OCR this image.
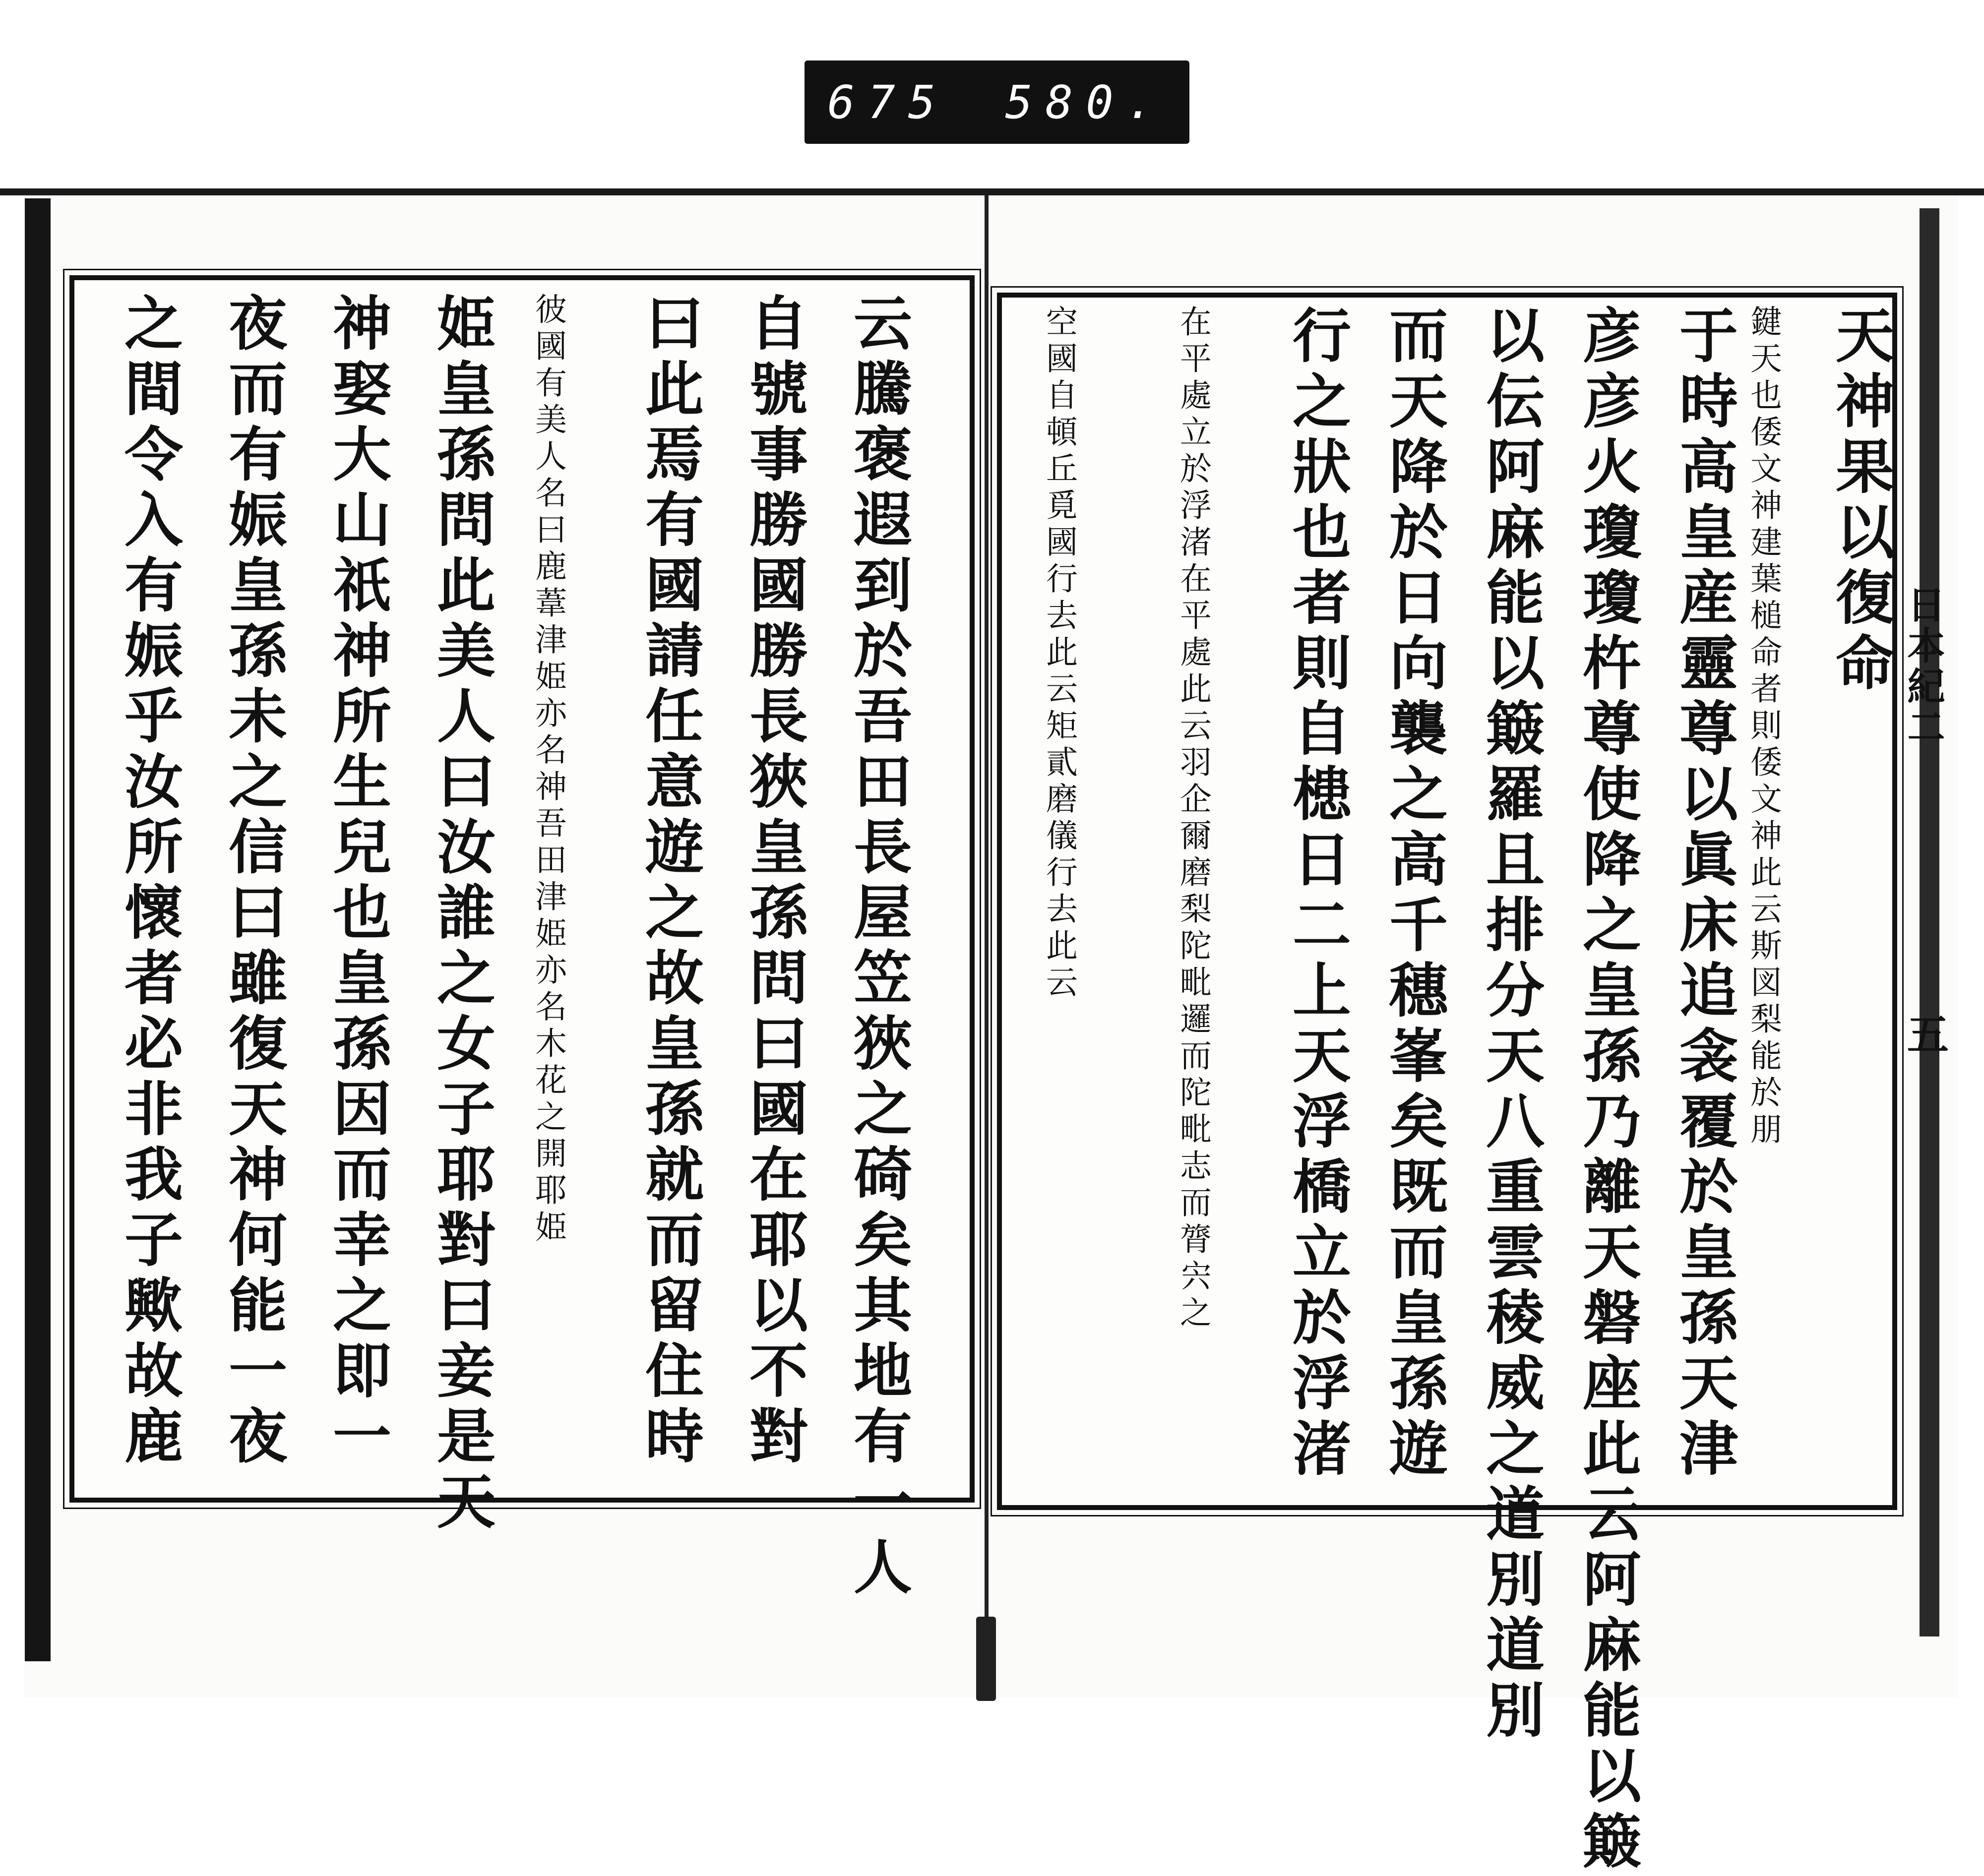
675 580.
日本紀二
五
天神果以復命
鍵天也倭文神建葉槌命者則倭文神此云斯図梨能於朋
于時高皇産靈尊以眞床追衾覆於皇孫天津
彦彦火瓊瓊杵尊使降之皇孫乃離天磐座此云阿麻能以簸
以伝阿麻能以簸羅且排分天八重雲稜威之道別道別
而天降於日向襲之高千穗峯矣既而皇孫遊
行之狀也者則自槵日二上天浮橋立於浮渚
在平處立於浮渚在平處此云羽企爾磨梨陀毗邏而陀毗志而膂宍之
空國自頓丘覓國行去此云矩貳磨儀行去此云
之間令入有娠乎汝所懷者必非我子歟故鹿 夜而有娠皇孫未之信曰雖復天神何能一夜 神娶大山祇神所生兒也皇孫因而幸之即一 姫皇孫問此美人曰汝誰之女子耶對曰妾是天 彼國有美人名曰鹿葦津姫亦名神吾田津姫亦名木花之開耶姫 曰此焉有國請任意遊之故皇孫就而留住時 自號事勝國勝長狹皇孫問曰國在耶以不對 云騰褒遐到於吾田長屋笠狹之碕矣其地有一人
